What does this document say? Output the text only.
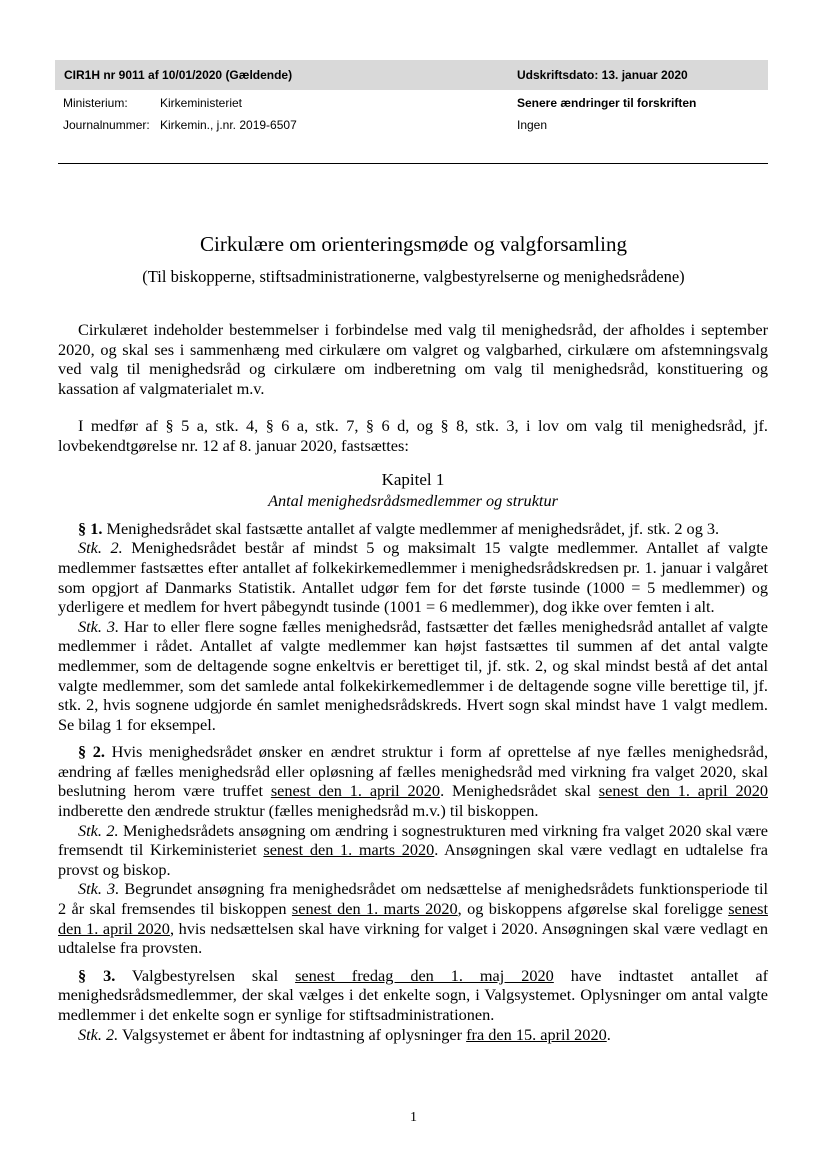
CIR1H nr 9011 af 10/01/2020 (Gældende)	Udskriftsdato: 13. januar 2020
Ministerium:	Kirkeministeriet
Journalnummer: Kirkemin., j.nr. 2019-6507
Senere ændringer til forskriften
Ingen
Cirkulære om orienteringsmøde og valgforsamling
(Til biskopperne, stiftsadministrationerne, valgbestyrelserne og menighedsrådene)

Cirkulæret indeholder bestemmelser i forbindelse med valg til menighedsråd, der afholdes i september 2020, og skal ses i sammenhæng med cirkulære om valgret og valgbarhed, cirkulære om afstemningsvalg ved valg til menighedsråd og cirkulære om indberetning om valg til menighedsråd, konstituering og kassation af valgmaterialet m.v.

I medfør af § 5 a, stk. 4, § 6 a, stk. 7, § 6 d, og § 8, stk. 3, i lov om valg til menighedsråd, jf. lovbekendtgørelse nr. 12 af 8. januar 2020, fastsættes:

Kapitel 1

Antal menighedsrådsmedlemmer og struktur

§ 1. Menighedsrådet skal fastsætte antallet af valgte medlemmer af menighedsrådet, jf. stk. 2 og 3.

Stk. 2. Menighedsrådet består af mindst 5 og maksimalt 15 valgte medlemmer. Antallet af valgte medlemmer fastsættes efter antallet af folkekirkemedlemmer i menighedsrådskredsen pr. 1. januar i valgåret som opgjort af Danmarks Statistik. Antallet udgør fem for det første tusinde (1000 = 5 medlemmer) og yderligere et medlem for hvert påbegyndt tusinde (1001 = 6 medlemmer), dog ikke over femten i alt.

Stk. 3. Har to eller flere sogne fælles menighedsråd, fastsætter det fælles menighedsråd antallet af valgte medlemmer i rådet. Antallet af valgte medlemmer kan højst fastsættes til summen af det antal valgte medlemmer, som de deltagende sogne enkeltvis er berettiget til, jf. stk. 2, og skal mindst bestå af det antal valgte medlemmer, som det samlede antal folkekirkemedlemmer i de deltagende sogne ville berettige til, jf. stk. 2, hvis sognene udgjorde én samlet menighedsrådskreds. Hvert sogn skal mindst have 1 valgt medlem. Se bilag 1 for eksempel.

§ 2. Hvis menighedsrådet ønsker en ændret struktur i form af oprettelse af nye fælles menighedsråd, ændring af fælles menighedsråd eller opløsning af fælles menighedsråd med virkning fra valget 2020, skal beslutning herom være truffet senest den 1. april 2020. Menighedsrådet skal senest den 1. april 2020 indberette den ændrede struktur (fælles menighedsråd m.v.) til biskoppen.

Stk. 2. Menighedsrådets ansøgning om ændring i sognestrukturen med virkning fra valget 2020 skal være fremsendt til Kirkeministeriet senest den 1. marts 2020. Ansøgningen skal være vedlagt en udtalelse fra provst og biskop.

Stk. 3. Begrundet ansøgning fra menighedsrådet om nedsættelse af menighedsrådets funktionsperiode til 2 år skal fremsendes til biskoppen senest den 1. marts 2020, og biskoppens afgørelse skal foreligge senest den 1. april 2020, hvis nedsættelsen skal have virkning for valget i 2020. Ansøgningen skal være vedlagt en udtalelse fra provsten.

§ 3. Valgbestyrelsen skal senest fredag den 1. maj 2020 have indtastet antallet af menighedsrådsmedlemmer, der skal vælges i det enkelte sogn, i Valgsystemet. Oplysninger om antal valgte medlemmer i det enkelte sogn er synlige for stiftsadministrationen.

Stk. 2. Valgsystemet er åbent for indtastning af oplysninger fra den 15. april 2020.

1
